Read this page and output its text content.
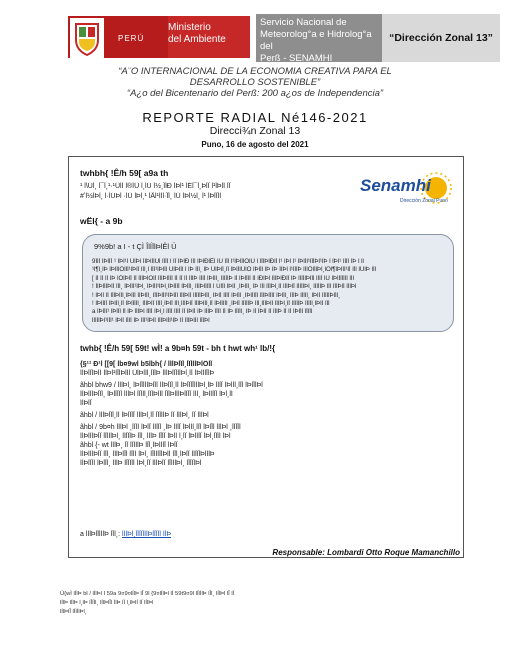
PERÚ
Ministerio
del Ambiente
Servicio Nacional de
Meteorolog°a e Hidrolog°a del
Perß - SENAMHI
“Dirección Zonal 13”
“A¨O INTERNACIONAL DE LA ECONOMIA CREATIVA PARA EL
DESARROLLO SOSTENIBLE”
“A¿o del Bicentenario del Perß: 200 a¿os de Independencia”
REPORTE RADIAL Né146-2021
Direcci¾n Zonal 13
Puno, 16 de agosto del 2021
twhbh{ !Ê/h 59[ a9a th
¹ l\Ûl¸ l¯l¸¹·¹ÛlÍ l®ÍÛ l¸lÚ l½¸ÏlÐ lÞl¹ lÈl¯l¸ÞlÏ l¹lÞlÍ lÏ
#ʼl½lÞl¸ l·lÚÞl ·lÛ lÞl¸¹ lÂl¹lÍl·Ïl¸ lÛ lÞl½l¸ l¹ lÞlÎlÌ
Senamhi
Dirección Zonal Puno
wËl{ - a 9b
9%9b! a I - t ÇÌ ÎlÍÏlÞlÊl Ü
9ÎlÍ lÞlÎÌ ¹ lÞl¹l ÛlÞl ÌlÞlÍlÚl lÎlÏ l lÎ lÞlÐ lÍl lÞlÐlÊl lÚ lÎl l¹lÞlÍlÔlÛ l lÎlÞlÐlÍ l¹ lÞl l¹ lÞlÍl¹lÎlÞl¹lÞ l lÞl¹ lÍlÏ lÞ l ll
¹l¶l¸lÞ lÞlÍlÔlÏl¹lÞlÎ lÍl¸l lÎl¹lÞlÏl ÙlÞlÍl l lÞ lÏl¸ lÞ ÛlÞlÍ¸lÎ lÞlÍlÚlÓ lÞlÍl lÞ lÞ ÍlÞl l¹lÎlÞ lÍlÖlÍlÞl¸lÔl¶lÞlÏl¹lÍ lÍl lÚlÞ lÏl
[ lÍ lÍ lÍ lÞ lÖlÞlÎ lÏ lÎlÞlÔlÍ lÏlÞlÍlÏ lÍ lÎ lÍ lÏlÞ lÍlÍ lÞlÍl¸ lÏlÎlÞ lÍ lÞlÎlÏ lÍ lÐlÞl lÍlÞlÐlÎ lÞ lÏlÍlÞlÎl lÍlÏ lÚ lÞlÍlÎlÏl lÍl
! ÍlÞlÍlÞlÏ lÎl¸ lÞlÏl¹lÞl¸ lÞlÍl¹lÞl¸lÞlÎlÍ lÞlÏl¸ lÏlÞlÍlÎl l ÛlÎl lÞlÏ ¸lÞlÏl¸ lÞ lÍl lÎlÞl¸lÏ lÍlÞlÎ lÍlÎlÞl¸ lÏlÍlÞ lÏl lÎlÞlÍ lÏlÞl
! lÞlÏ lÍ lÎlÞlÏl¸lÞlÎl ÍlÞlÏl¸ lÎlÞlÍl¹lÞlÎl lÍlÞlÏ lÍlÎlÞlÏl¸ lÞlÍ lÏlÎ lÞlÍl ¸lÞlÏlÎl lÍlÞlÎlÏ lÞlÍl¸ lÎlÞ lÍlÏl¸ lÞlÍ lÎlÏlÞlÍl¸
! lÞlÍlÎ lÞlÏl¸lÍ lÞlÎlÏl¸ lÍlÞlÎ lÏlÍ¸lÞlÎ lÍl¸lÏlÞlÎ lÍlÞlÏl¸lÎ lÞlÍlÏl ¸lÞlÍ lÎlÏlÞ lÍl¸lÎlÞlÏ lÍlÞl¸lÎ lÏlÍlÞ lÎlÏl¸lÞlÍ lÎl
a lÞlÍl¹ lÞlÎl lÍ lÞ lÍlÞl lÎlÍ lÞl¸l lÎlÏ lÏlÍ lÎ lÞlÍ lÞ lÍlÞ lÎlÏ lÍ lÞ lÏlÍl¸ lÞ lÍ lÞlÏ lÏ lÍlÞ lÏ lÍ lÞlÍl lÎlÏl
lÏlÍlÞl¹lÍl¹ lÞlÏ lÍlÍ lÞ lÏl¹lÞlÍ lÏlÞlÍl¹lÞ lÍ lÏlÞlÍl lÎlÞl
twhb{ !Ê/h 59[ 59t! wÌ! a 9b¤h 59t - bh t hwt wh¹ lb/!{
{§¹¹ Ð¹l [[9[ lb¤9wl b5lbh{ / lÍlÞlÏl¸lÎlÍlÞlÔlÏ
ÍlÞlÎlÞlÍ ÌlÞl¹lÏlÞlÍl ÛlÞlÍl¸lÎlÞ lÍlÞlÏlÍlÞl¸lÍ lÞlÍlÏlÞ
ãhbl bhw9 / lÍlÞl¸ lÞlÏlÍlÞlÎl ÍlÞlÏl¸lÍ lÞlÎlÏlÍlÞl¸lÞ lÍlÏ lÞlÍl¸lÎl lÞlÏlÞl
ÍlÞlÍlÞlÏl¸ lÞlÎlÏl lÍlÞl lÏlÍl¸lÎlÞlÍl lÏlÞlÍlÞlÎlÏ lÍl¸ lÞlÍlÏl lÞl¸lÍ
ÍlÞlÏ
ãhbl / lÍlÞlÏl¸lÍ lÞlÎlÏ lÍlÞl¸lÎ lÏlÍlÞ lÎ lÍlÞl¸ lÏ lÍlÞl
ãhbl / 9b¤h lÍlÞl ¸lÎlÍ lÞlÏ lÍlÎl ¸lÞ lÍlÏ lÞlÍl¸lÎl lÞlÏl lÍlÞl ¸lÎlÏl
ÍlÞlÍlÞlÏ lÎlÍlÞl¸ lÍlÏlÞ lÎl¸ lÍlÞ lÏlÎ lÞlÍ l¸lÏ lÞlÍlÎ lÞl¸lÏlÍ lÞl
ãhbl {- wt lÍlÞ¸ lÏ lÎlÍlÞ lÏl¸lÞlÍlÎ lÞlÏ
ÍlÞlÍlÞlÏ lÎl¸ lÍlÞlÏl lÎlÍ lÞl¸ lÏlÍlÎlÞlÍ lÏl¸lÞlÎ lÍlÏlÞlÍlÞ
ÍlÞlÏlÍ lÞlÎl¸ lÍlÞ lÏlÎlÍ lÞl¸lÏ lÍlÞlÎ lÏlÍlÞl¸ lÎlÏlÞl
a lÍlÞlÎlÍlÞ lÏl¸: lÍlÞl¸lÎlÏlÍlÞlÏlÎl ÍlÞ
Responsable: Lombardi Otto Roque Mamanchillo
Ú{wÌ lÍlÞ bl / lÍlÞl I 59a 9¤9¤lÍlÞ lÎ 9l {9¤lÍlÞl lÍ 59t9¤9l lÏlÍlÞ lÎl¸ lÍlÞl lÎ lÏ
lÍlÞ lÍlÞ l¸lÞ lÎlÏl¸ lÍlÞlÎl ÍlÞ lÏ l¸lÞlÍ lÏ lÍlÞl
lÍlÞlÎ lÏlÍlÞl¸
